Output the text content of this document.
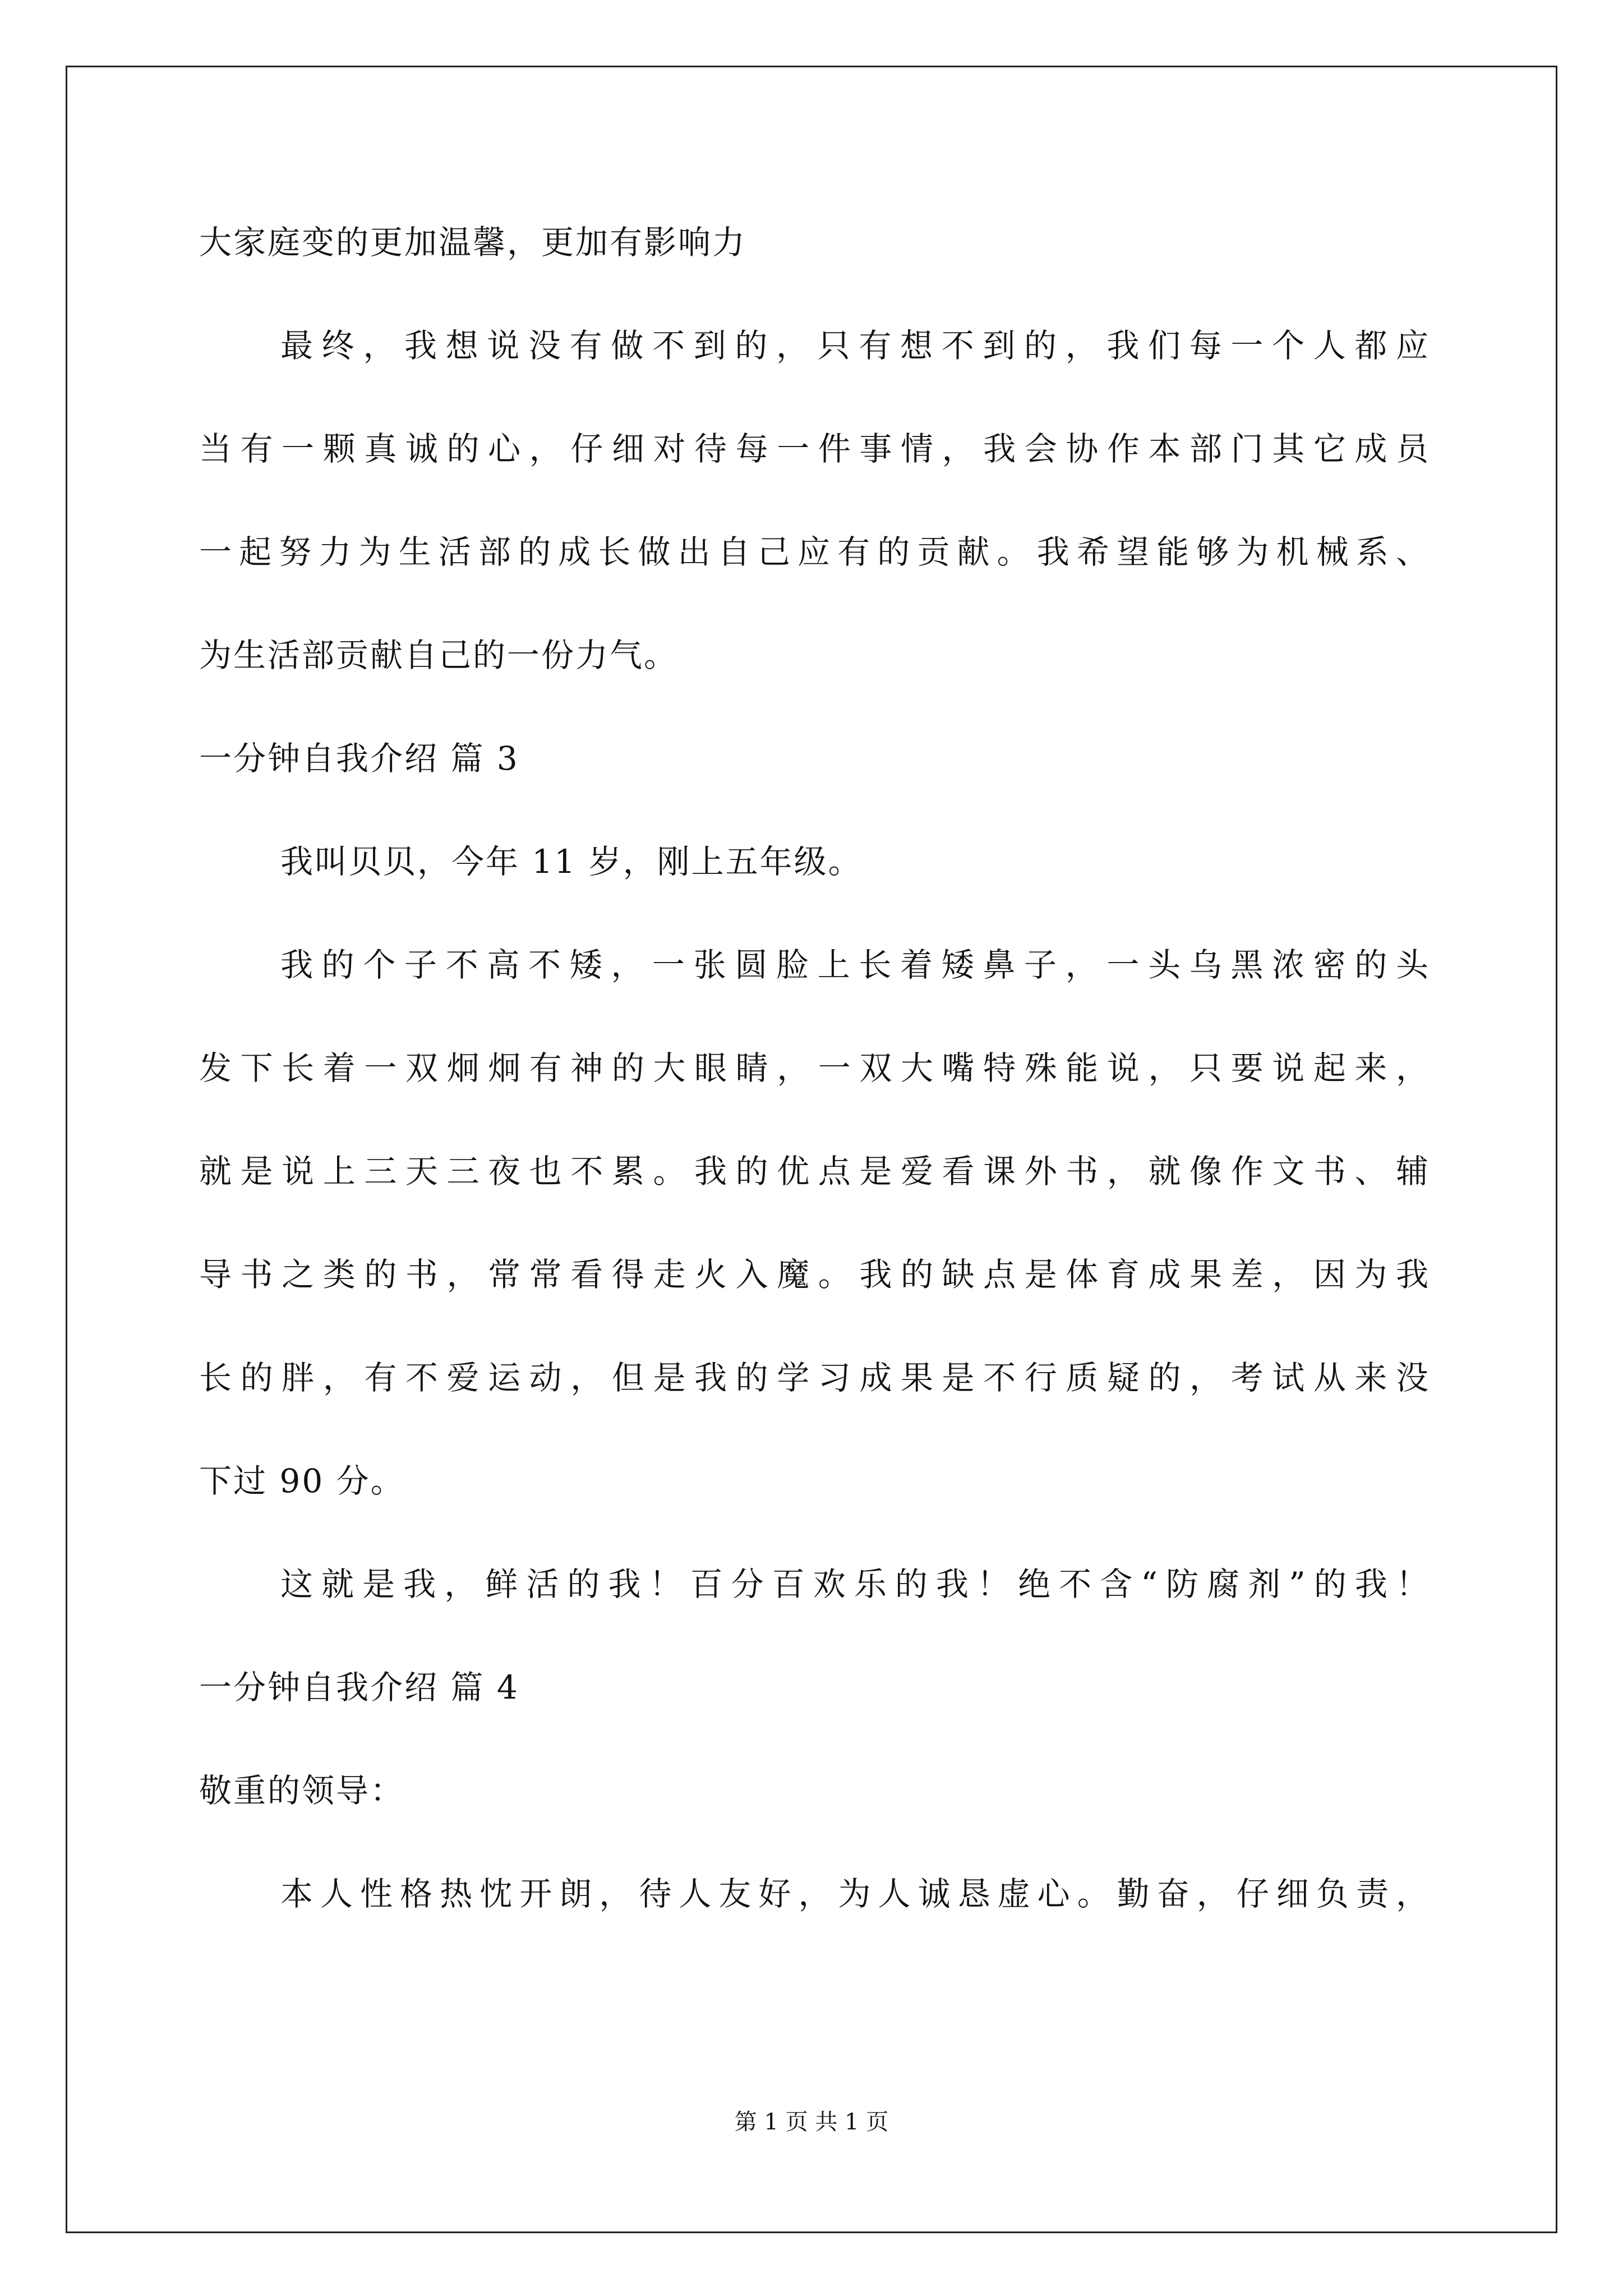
大家庭变的更加温馨，更加有影响力
最终，我想说没有做不到的，只有想不到的，我们每一个人都应
当有一颗真诚的心，仔细对待每一件事情，我会协作本部门其它成员
一起努力为生活部的成长做出自己应有的贡献。我希望能够为机械系、
为生活部贡献自己的一份力气。
一分钟自我介绍 篇 3
我叫贝贝，今年 11 岁，刚上五年级。
我的个子不高不矮，一张圆脸上长着矮鼻子，一头乌黑浓密的头
发下长着一双炯炯有神的大眼睛，一双大嘴特殊能说，只要说起来，
就是说上三天三夜也不累。我的优点是爱看课外书，就像作文书、辅
导书之类的书，常常看得走火入魔。我的缺点是体育成果差，因为我
长的胖，有不爱运动，但是我的学习成果是不行质疑的，考试从来没
下过 90 分。
这就是我，鲜活的我！百分百欢乐的我！绝不含“防腐剂”的我！
一分钟自我介绍 篇 4
敬重的领导：
本人性格热忱开朗，待人友好，为人诚恳虚心。勤奋，仔细负责，
第 1 页 共 1 页
